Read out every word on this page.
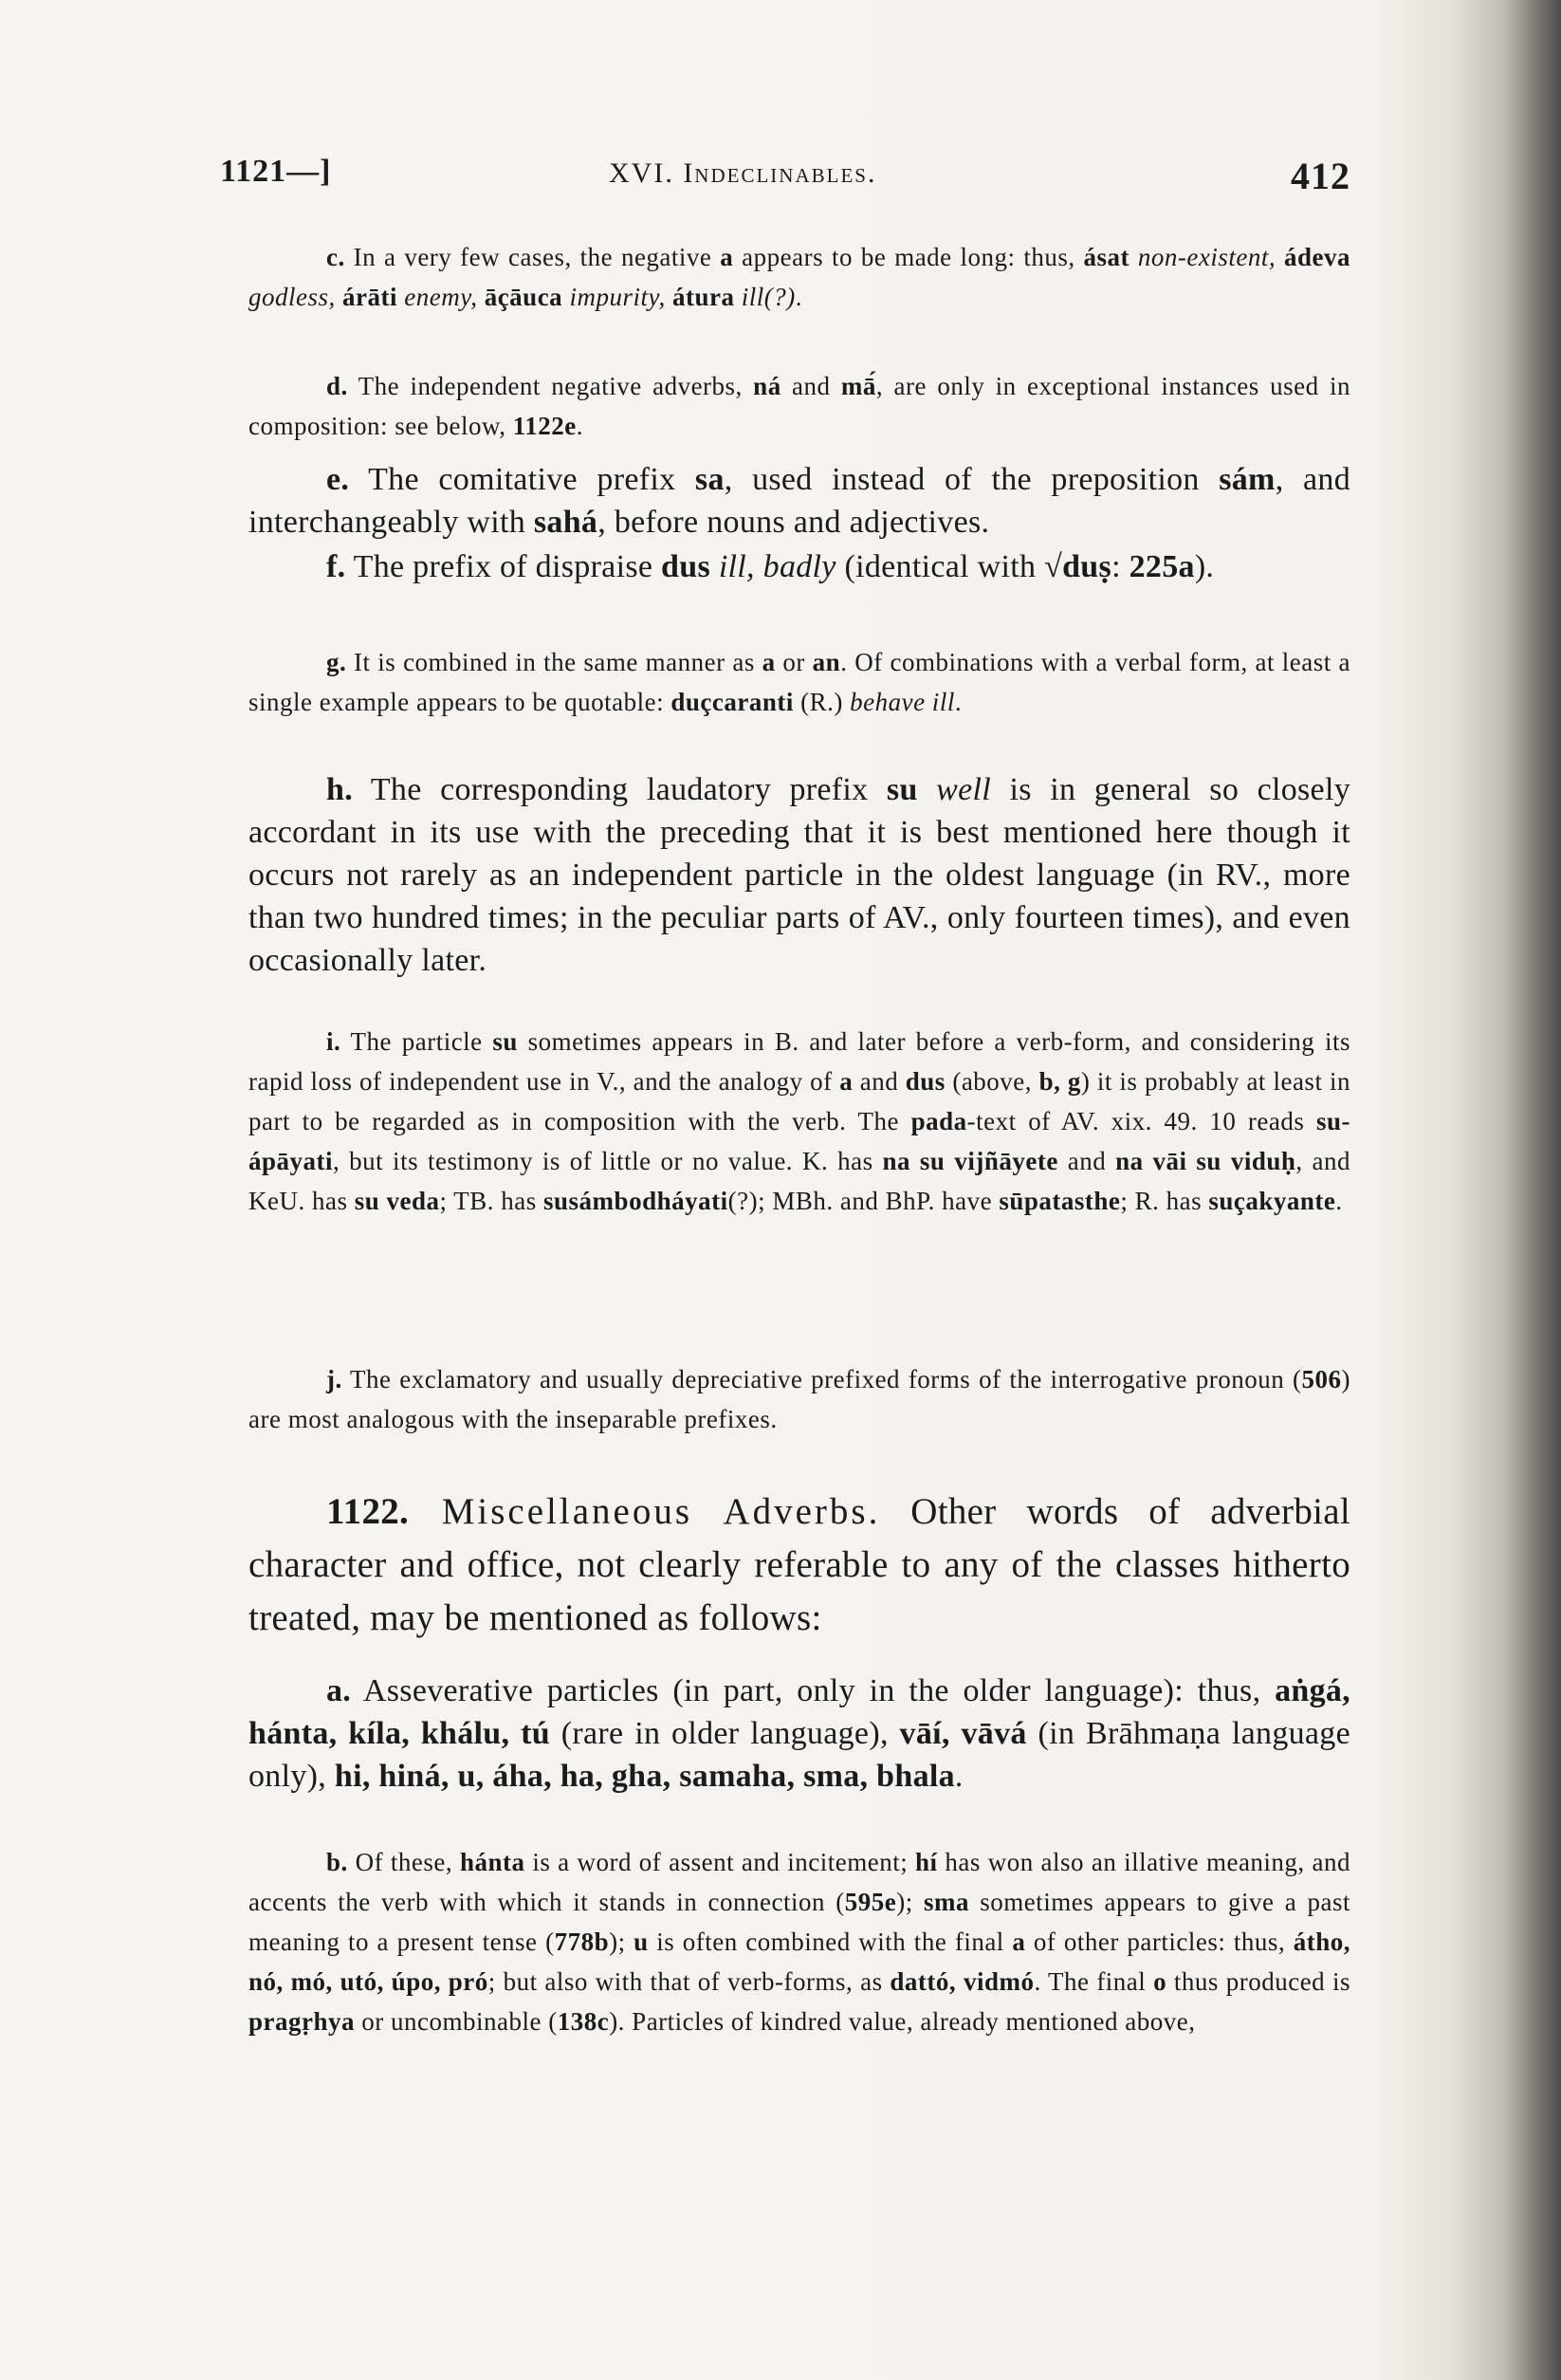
1121—]	XVI. Indeclinables.	412

c. In a very few cases, the negative a appears to be made long: thus, ásat non-existent, ádeva godless, árāti enemy, āçāuca impurity, átura ill(?).

d. The independent negative adverbs, ná and mā́, are only in exceptional instances used in composition: see below, 1122e.

e. The comitative prefix sa, used instead of the preposition sám, and interchangeably with sahá, before nouns and adjectives.

f. The prefix of dispraise dus ill, badly (identical with √duṣ: 225a).

g. It is combined in the same manner as a or an. Of combinations with a verbal form, at least a single example appears to be quotable: duçcaranti (R.) behave ill.

h. The corresponding laudatory prefix su well is in general so closely accordant in its use with the preceding that it is best mentioned here though it occurs not rarely as an independent particle in the oldest language (in RV., more than two hundred times; in the peculiar parts of AV., only fourteen times), and even occasionally later.

i. The particle su sometimes appears in B. and later before a verb-form, and considering its rapid loss of independent use in V., and the analogy of a and dus (above, b, g) it is probably at least in part to be regarded as in composition with the verb. The pada-text of AV. xix. 49. 10 reads su-ápāyati, but its testimony is of little or no value. K. has na su vijñāyete and na vāi su viduḥ, and KeU. has su veda; TB. has susámbodháyati(?); MBh. and BhP. have sūpatasthe; R. has suçakyante.

j. The exclamatory and usually depreciative prefixed forms of the interrogative pronoun (506) are most analogous with the inseparable prefixes.

1122. Miscellaneous Adverbs. Other words of adverbial character and office, not clearly referable to any of the classes hitherto treated, may be mentioned as follows:

a. Asseverative particles (in part, only in the older language): thus, aṅgá, hánta, kíla, khálu, tú (rare in older language), vāí, vāvá (in Brāhmaṇa language only), hi, hiná, u, áha, ha, gha, samaha, sma, bhala.

b. Of these, hánta is a word of assent and incitement; hí has won also an illative meaning, and accents the verb with which it stands in connection (595e); sma sometimes appears to give a past meaning to a present tense (778b); u is often combined with the final a of other particles: thus, átho, nó, mó, utó, úpo, pró; but also with that of verb-forms, as dattó, vidmó. The final o thus produced is pragṛhya or uncombinable (138c). Particles of kindred value, already mentioned above,
